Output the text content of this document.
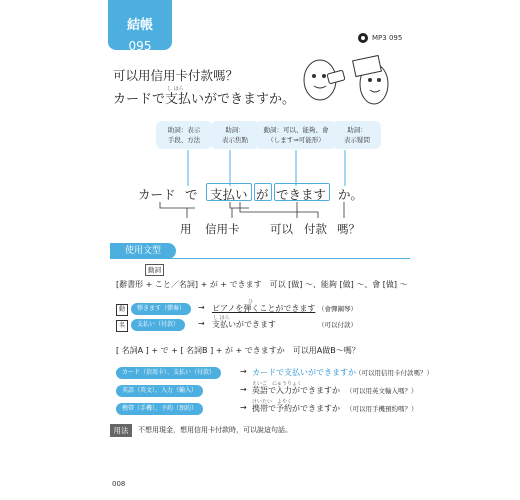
結帳
095
MP3 095
可以用信用卡付款嗎？
カードで
し はら
支払いができますか。
助詞：表示
手段、方法
助詞：
表示焦點
動詞：可以、能夠、會
（します⇒可能形）
助詞：
表示疑問
カード で 支払い が できます か。
用 信用卡	可以 付款 嗎？
使用文型
動詞
[辭書形 + こと／名詞] + が + できます　可以 [做] ～、能夠 [做] ～、會 [做] ～
動	弾きます（彈奏）	→ ピアノを弾くことができます
ひ
（會彈鋼琴）
名	支払い（付款）	→ 支払いができます
し はら
（可以付款）
[ 名詞A ] + で + [ 名詞B ] + が + できますか　可以用A做B～嗎？
カード（信用卡）、支払い（付款）	→ カードで支払いができますか （可以用信用卡付款嗎？）
英語（英文）、入力（輸入）	→
えいご　にゅうりょく
英語で入力ができますか （可以用英文輸入嗎？）
携帯（手機）、予約（預約）	→
けいたい　よやく
携帯で予約ができますか （可以用手機預約嗎？）
用法	不想用現金，想用信用卡付款時，可以說這句話。
008
